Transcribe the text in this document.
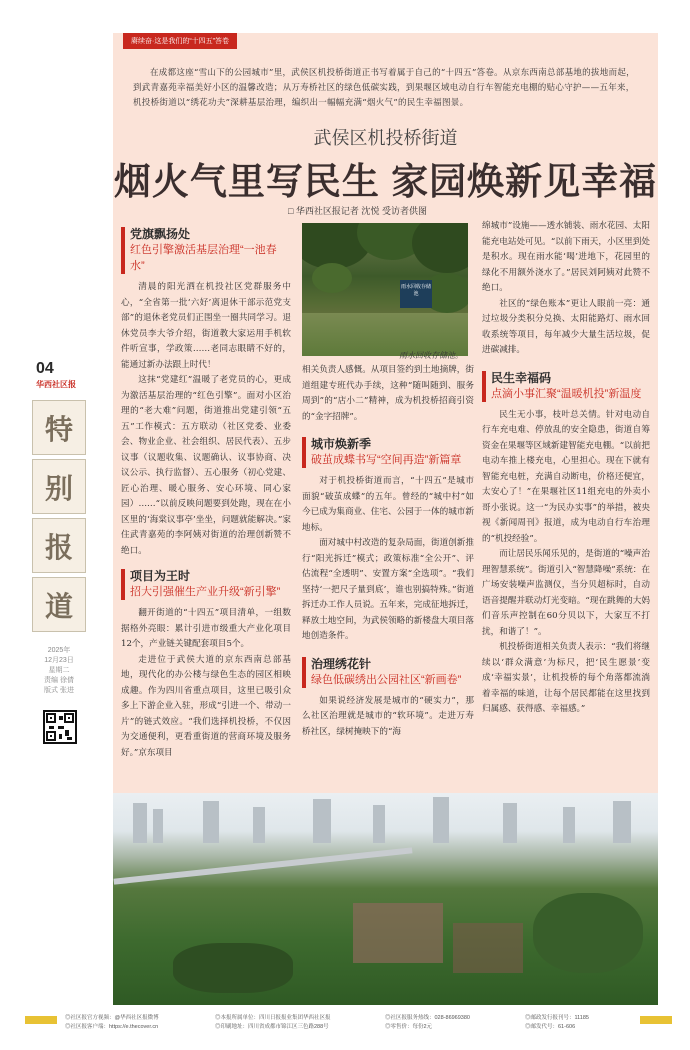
04
华西社区报
特
别
报
道
2025年
12月23日
星期二
责编 徐倩
版式 张进
赓续奋·这是我们的“十四五”答卷

在成都这座“雪山下的公园城市”里，武侯区机投桥街道正书写着属于自己的“十四五”答卷。从京东西南总部基地的拔地而起，到武青嘉苑幸福美好小区的温馨改造；从万寿桥社区的绿色低碳实践，到果堰区域电动自行车智能充电棚的贴心守护——五年来，机投桥街道以“绣花功夫”深耕基层治理，编织出一幅幅充满“烟火气”的民生幸福图景。

武侯区机投桥街道
烟火气里写民生 家园焕新见幸福
□ 华西社区报记者 沈悦 受访者供图
党旗飘扬处
红色引擎激活基层治理“一池春水”

清晨的阳光洒在机投社区党群服务中心，“全省第一批‘六好’离退休干部示范党支部”的退休老党员们正围坐一圈共同学习。退休党员李大爷介绍，街道教大家运用手机软件听宣事，学政策……老同志眼睛不好的，能通过新办法跟上时代！

这抹“党建红”温暖了老党员的心，更成为激活基层治理的“红色引擎”。面对小区治理的“老大难”问题，街道推出党建引领“五五”工作模式：五方联动（社区党委、业委会、物业企业、社会组织、居民代表）、五步议事（议题收集、议题确认、议事协商、决议公示、执行监督）、五心服务（初心党建、匠心治理、暖心服务、安心环境、同心家园）……“以前反映问题要到处跑，现在在小区里的‘海棠议事亭’坐坐，问题就能解决。”家住武青嘉苑的李阿姨对街道的治理创新赞不绝口。

项目为王时
招大引强催生产业升级“新引擎”

翻开街道的“十四五”项目清单，一组数据格外亮眼：累计引进市级重大产业化项目12个，产业链关键配套项目5个。

走进位于武侯大道的京东西南总部基地，现代化的办公楼与绿色生态的园区相映成趣。作为四川省重点项目，这里已吸引众多上下游企业入驻，形成“引进一个、带动一片”的链式效应。“我们选择机投桥，不仅因为交通便利，更看重街道的营商环境及服务好。”京东项目

雨水回收存储池

相关负责人感慨。从项目签约到土地摘牌，街道组建专班代办手续，这种“随叫随到、服务周到”的“店小二”精神，成为机投桥招商引资的“金字招牌”。

城市焕新季
破茧成蝶书写“空间再造”新篇章

对于机投桥街道而言，“十四五”是城市面貌“破茧成蝶”的五年。曾经的“城中村”如今已成为集商业、住宅、公园于一体的城市新地标。

面对城中村改造的复杂局面，街道创新推行“阳光拆迁”模式；政策标准“全公开”、评估流程“全透明”、安置方案“全选项”。“我们坚持‘一把尺子量到底’，谁也别搞特殊。”街道拆迁办工作人员说。五年来，完成征地拆迁，释放土地空间，为武侯领略的新楼盘大项目落地创造条件。

治理绣花针
绿色低碳绣出公园社区“新画卷”

如果说经济发展是城市的“硬实力”，那么社区治理就是城市的“软环境”。走进万寿桥社区，绿树掩映下的“海

雨水回收存储池。

绵城市”设施——透水铺装、雨水花园、太阳能充电站处可见。“以前下雨天，小区里到处是积水。现在雨水能‘喝’进地下，花园里的绿化不用额外浇水了。”居民刘阿姨对此赞不绝口。

社区的“绿色账本”更让人眼前一亮：通过垃圾分类积分兑换、太阳能路灯、雨水回收系统等项目，每年减少大量生活垃圾，促进碳减排。

民生幸福码
点滴小事汇聚“温暖机投”新温度

民生无小事，枝叶总关情。针对电动自行车充电难、停放乱的安全隐患，街道自筹资金在果堰等区域新建智能充电棚。“以前把电动车推上楼充电，心里担心。现在下就有智能充电桩，充满自动断电，价格还便宜，太安心了！”在果堰社区11组充电的外卖小哥小张说。这一“为民办实事”的举措，被央视《新闻周刊》报道，成为电动自行车治理的“机投经验”。

而让居民乐闻乐见的，是街道的“噪声治理智慧系统”。街道引入“智慧降噪”系统：在广场安装噪声监测仪，当分贝超标时，自动语音提醒并联动灯光变暗。“现在跳舞的大妈们音乐声控制在60分贝以下，大家互不打扰，和谐了！”。

机投桥街道相关负责人表示：“我们将继续以‘群众满意’为标尺，把‘民生愿景’变成‘幸福实景’，让机投桥的每个角落都流淌着幸福的味道，让每个居民都能在这里找到归属感、获得感、幸福感。”

◎社区报官方视频：@华西社区报微博
◎社区报客户端：https://e.thecover.cn
◎本报所属单位：四川日报报业集团华西社区报
◎印刷地址：四川省成都市锦江区三色路288号
◎社区报服务热线：028-86969380
◎零售价：每份2元
◎邮政发行报刊号：11185
◎邮发代号：61-606
